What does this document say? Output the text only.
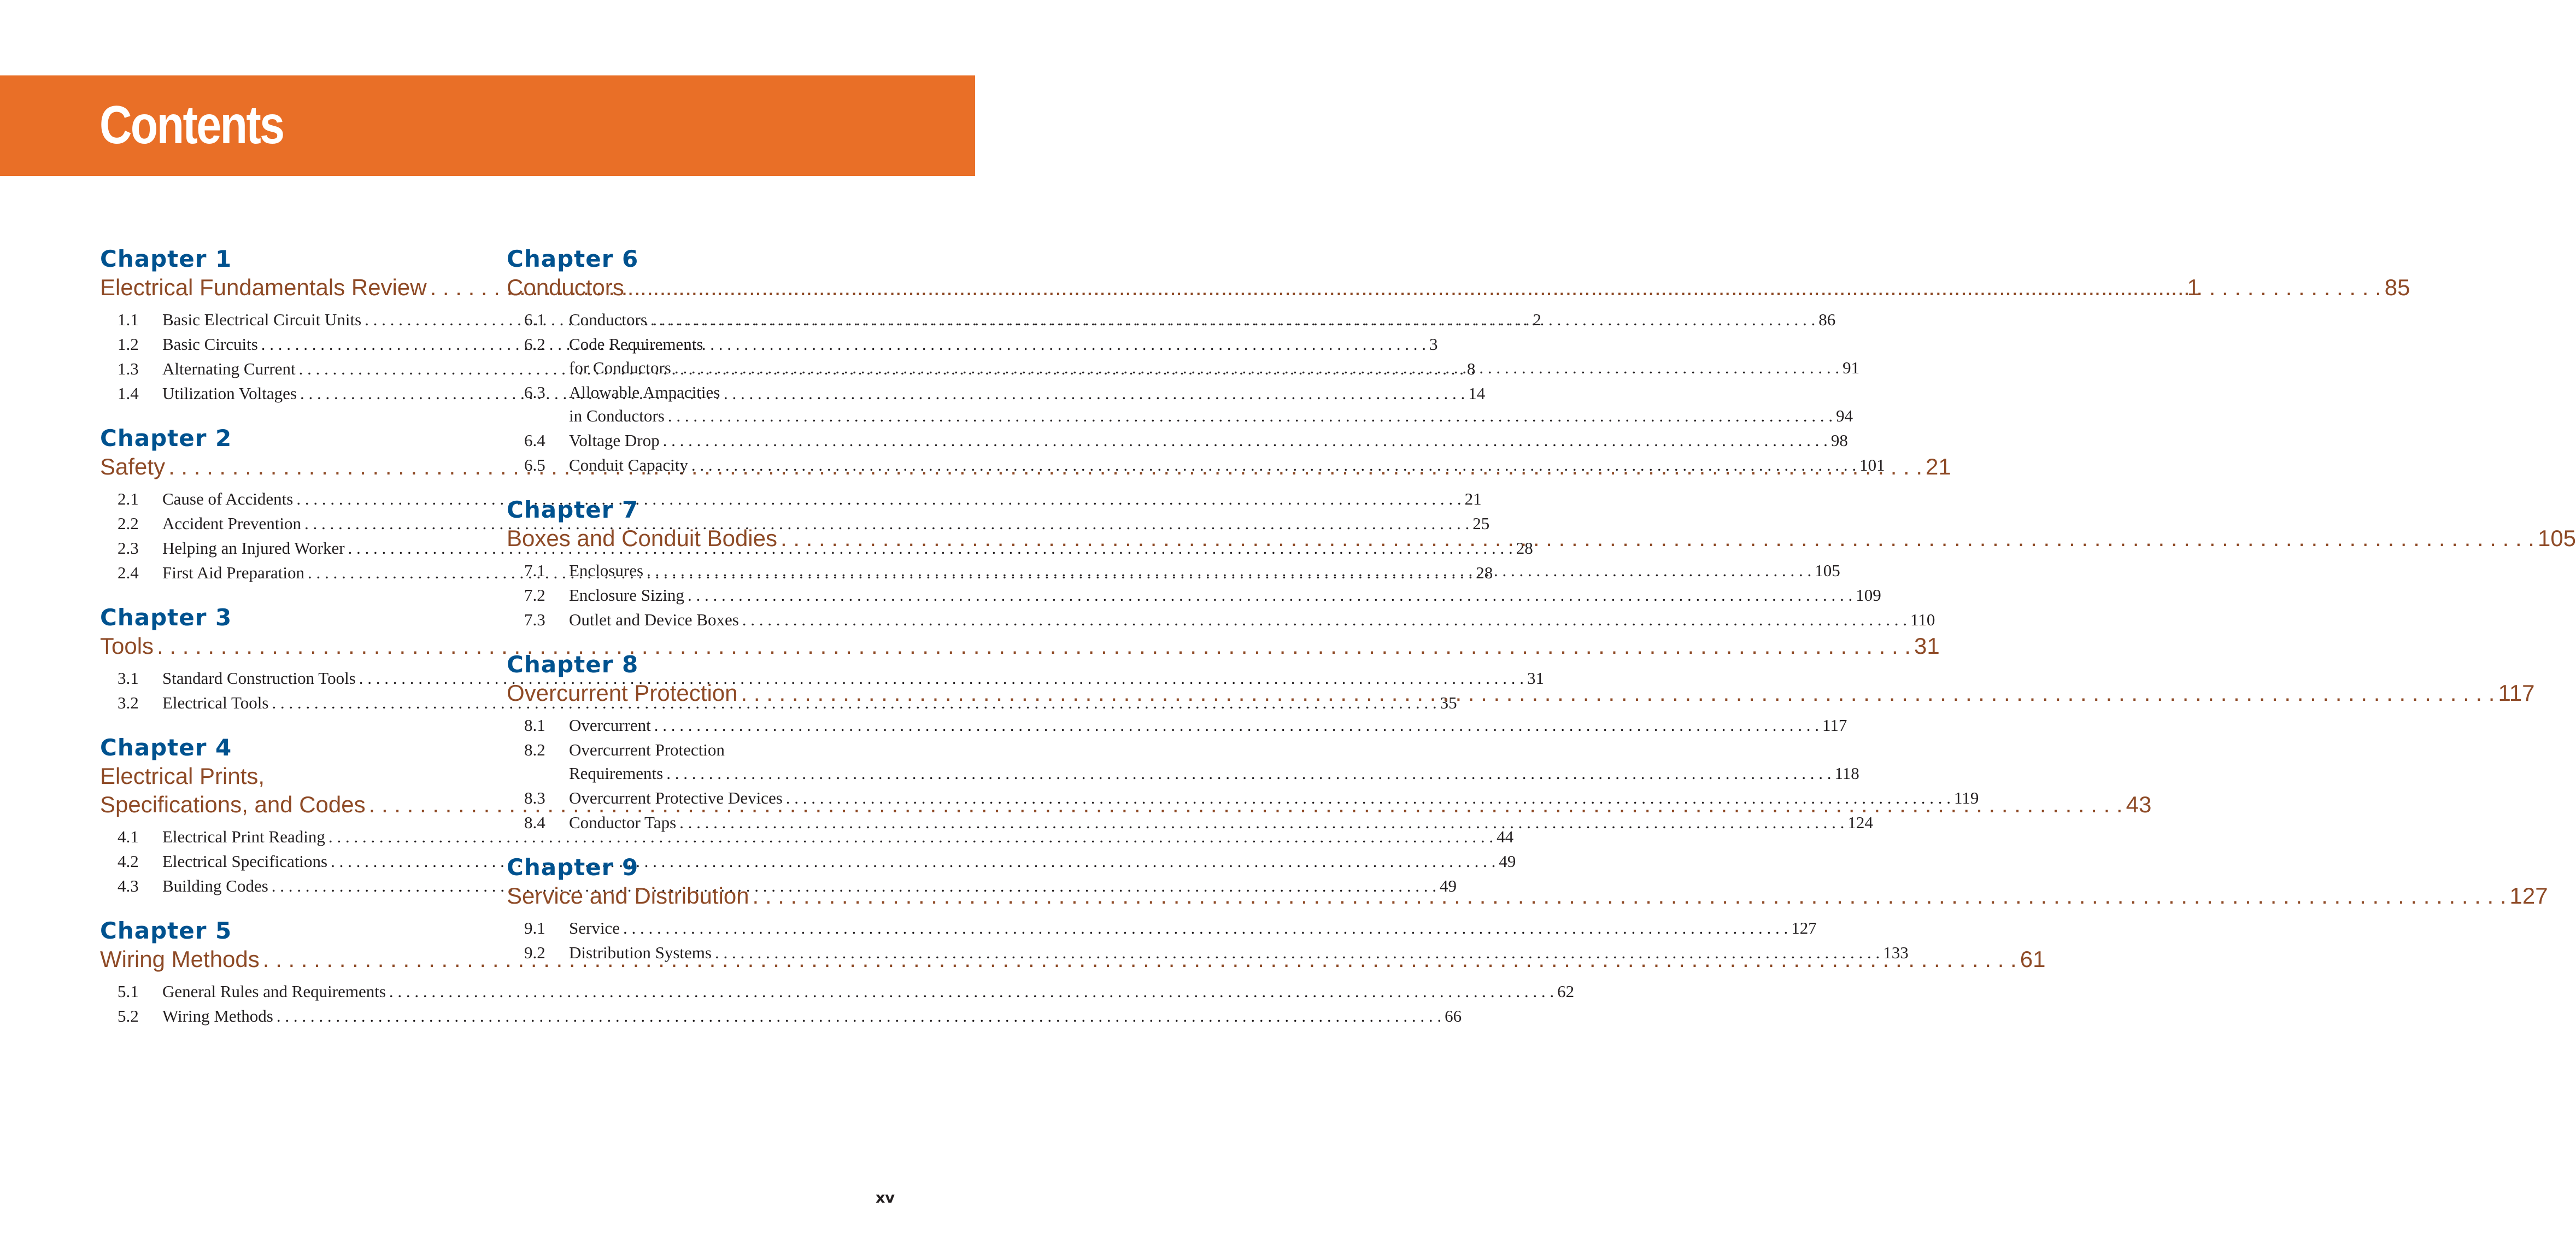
Contents
Chapter 1
Electrical Fundamentals Review . . .	1
1.1	Basic Electrical Circuit Units . . .	2
1.2	Basic Circuits . . .	3
1.3	Alternating Current . . .	8
1.4	Utilization Voltages . . .	14
Chapter 2
Safety . . .	21
2.1	Cause of Accidents . . .	21
2.2	Accident Prevention . . .	25
2.3	Helping an Injured Worker . . .	28
2.4	First Aid Preparation . . .	28
Chapter 3
Tools . . .	31
3.1	Standard Construction Tools . . .	31
3.2	Electrical Tools . . .	35
Chapter 4
Electrical Prints,
Specifications, and Codes . . .	43
4.1	Electrical Print Reading . . .	44
4.2	Electrical Specifications . . .	49
4.3	Building Codes . . .	49
Chapter 5
Wiring Methods . . .	61
5.1	General Rules and Requirements . . .	62
5.2	Wiring Methods . . .	66
Chapter 6
Conductors . . .	85
6.1	Conductors . . .	86
6.2	Code Requirements
for Conductors . . .	91
6.3	Allowable Ampacities
in Conductors . . .	94
6.4	Voltage Drop . . .	98
6.5	Conduit Capacity . . .	101
Chapter 7
Boxes and Conduit Bodies . . .	105
7.1	Enclosures . . .	105
7.2	Enclosure Sizing . . .	109
7.3	Outlet and Device Boxes . . .	110
Chapter 8
Overcurrent Protection . . .	117
8.1	Overcurrent . . .	117
8.2	Overcurrent Protection
Requirements . . .	118
8.3	Overcurrent Protective Devices . . .	119
8.4	Conductor Taps . . .	124
Chapter 9
Service and Distribution . . .	127
9.1	Service . . .	127
9.2	Distribution Systems . . .	133
xv
